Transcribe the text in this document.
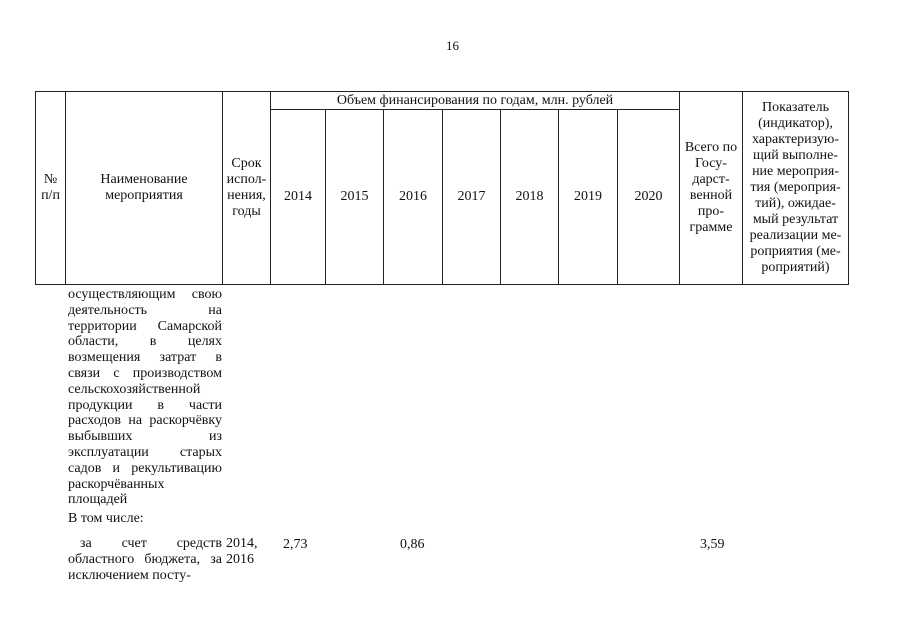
16
№ п/п
Наименование мероприятия
Срок испол-нения, годы
Объем финансирования по годам, млн. рублей
2014 2015 2016 2017 2018 2019 2020
Всего по Госу-дарст-венной про-грамме
Показатель (индикатор), характеризую-щий выполне-ние мероприя-тия (мероприя-тий), ожидае-мый результат реализации ме-роприятия (ме-роприятий)
осуществляющим свою деятельность на территории Самарской области, в целях возмещения затрат в связи с производством сельскохозяйственной продукции в части расходов на раскорчёвку выбывших из эксплуатации старых садов и рекультивацию раскорчёванных площадей
В том числе:
за счет средств областного бюджета, за исключением посту-
2014, 2016
2,73	0,86	3,59
